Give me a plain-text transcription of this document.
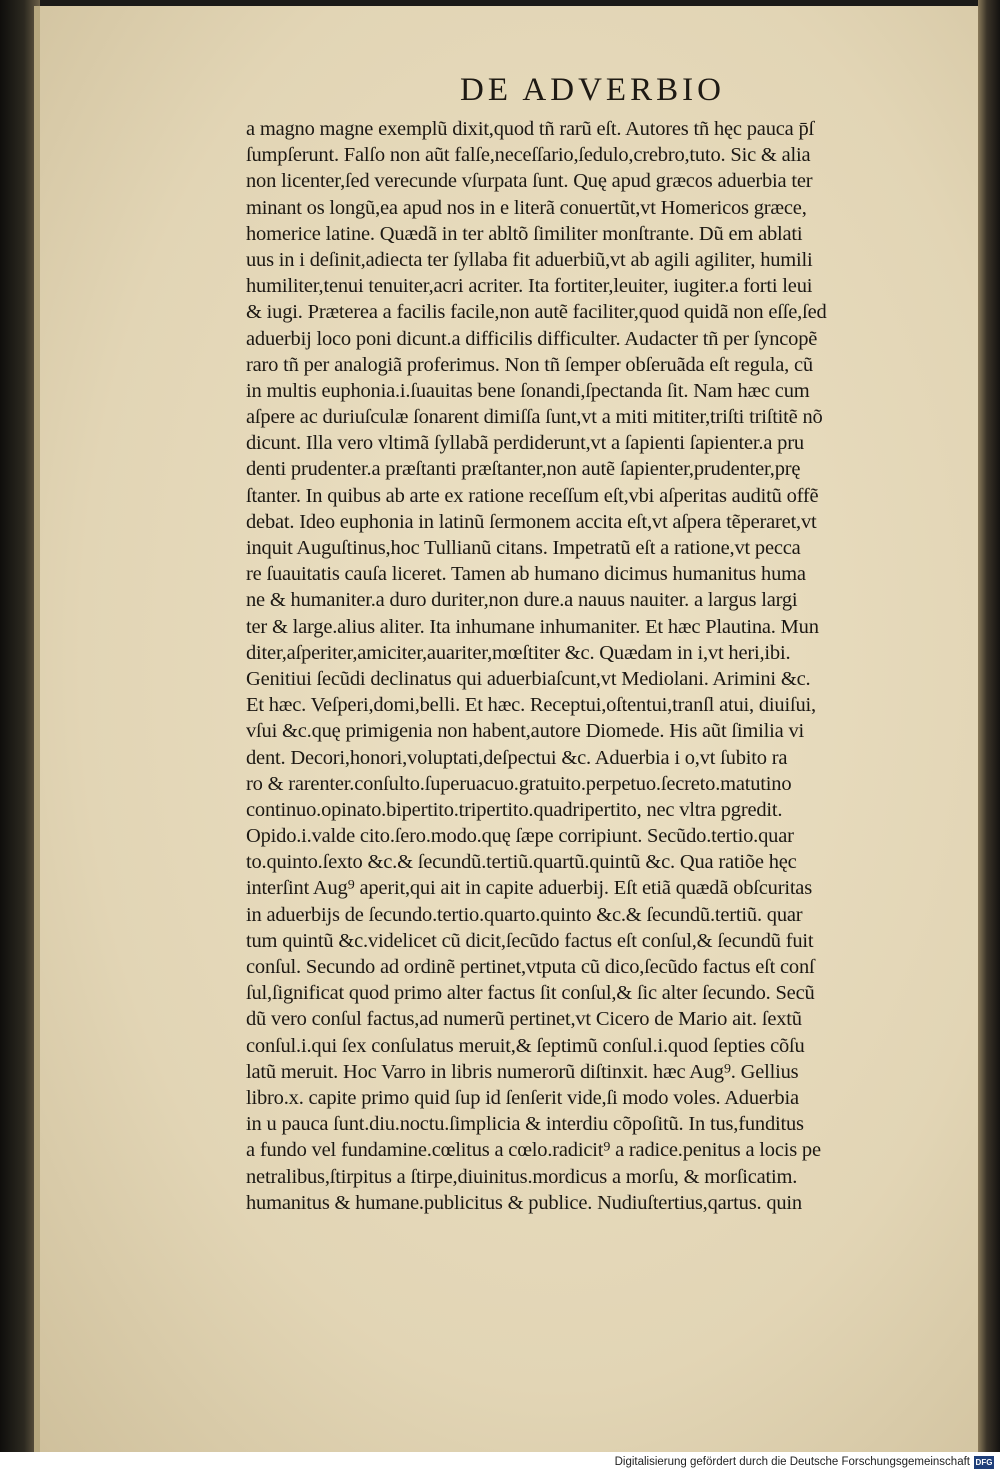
DE ADVERBIO
a magno magne exemplũ dixit,quod tñ rarũ eſt. Autores tñ hęc pauca p̄ſ
ſumpſerunt. Falſo non aũt falſe,neceſſario,ſedulo,crebro,tuto. Sic & alia
non licenter,ſed verecunde vſurpata ſunt. Quę apud græcos aduerbia ter
minant os longũ,ea apud nos in e literã conuertũt,vt Homericos græce,
homerice latine. Quædã in ter abltõ ſimiliter monſtrante. Dũ em ablati
uus in i deſinit,adiecta ter ſyllaba fit aduerbiũ,vt ab agili agiliter, humili
humiliter,tenui tenuiter,acri acriter. Ita fortiter,leuiter, iugiter.a forti leui
& iugi. Præterea a facilis facile,non autẽ faciliter,quod quidã non eſſe,ſed
aduerbij loco poni dicunt.a difficilis difficulter. Audacter tñ per ſyncopẽ
raro tñ per analogiã proferimus. Non tñ ſemper obſeruãda eſt regula, cũ
in multis euphonia.i.ſuauitas bene ſonandi,ſpectanda ſit. Nam hæc cum
aſpere ac duriuſculæ ſonarent dimiſſa ſunt,vt a miti mititer,triſti triſtitẽ nõ
dicunt. Illa vero vltimã ſyllabã perdiderunt,vt a ſapienti ſapienter.a pru
denti prudenter.a præſtanti præſtanter,non autẽ ſapienter,prudenter,prę
ſtanter. In quibus ab arte ex ratione receſſum eſt,vbi aſperitas auditũ offẽ
debat. Ideo euphonia in latinũ ſermonem accita eſt,vt aſpera tẽperaret,vt
inquit Auguſtinus,hoc Tullianũ citans. Impetratũ eſt a ratione,vt pecca
re ſuauitatis cauſa liceret. Tamen ab humano dicimus humanitus huma
ne & humaniter.a duro duriter,non dure.a nauus nauiter. a largus largi
ter & large.alius aliter. Ita inhumane inhumaniter. Et hæc Plautina. Mun
diter,aſperiter,amiciter,auariter,mœſtiter &c. Quædam in i,vt heri,ibi.
Genitiui ſecũdi declinatus qui aduerbiaſcunt,vt Mediolani. Arimini &c.
Et hæc. Veſperi,domi,belli. Et hæc. Receptui,oſtentui,tranſl atui, diuiſui,
vſui &c.quę primigenia non habent,autore Diomede. His aũt ſimilia vi
dent. Decori,honori,voluptati,deſpectui &c. Aduerbia i o,vt ſubito ra
ro & rarenter.conſulto.ſuperuacuo.gratuito.perpetuo.ſecreto.matutino
continuo.opinato.bipertito.tripertito.quadripertito, nec vltra pgredit.
Opido.i.valde cito.ſero.modo.quę ſæpe corripiunt. Secũdo.tertio.quar
to.quinto.ſexto &c.& ſecundũ.tertiũ.quartũ.quintũ &c. Qua ratiõe hęc
interſint Aug⁹ aperit,qui ait in capite aduerbij. Eſt etiã quædã obſcuritas
in aduerbijs de ſecundo.tertio.quarto.quinto &c.& ſecundũ.tertiũ. quar
tum quintũ &c.videlicet cũ dicit,ſecũdo factus eſt conſul,& ſecundũ fuit
conſul. Secundo ad ordinẽ pertinet,vtputa cũ dico,ſecũdo factus eſt conſ
ſul,ſignificat quod primo alter factus ſit conſul,& ſic alter ſecundo. Secũ
dũ vero conſul factus,ad numerũ pertinet,vt Cicero de Mario ait. ſextũ
conſul.i.qui ſex conſulatus meruit,& ſeptimũ conſul.i.quod ſepties cõſu
latũ meruit. Hoc Varro in libris numerorũ diſtinxit. hæc Aug⁹. Gellius
libro.x. capite primo quid ſup id ſenſerit vide,ſi modo voles. Aduerbia
in u pauca ſunt.diu.noctu.ſimplicia & interdiu cõpoſitũ. In tus,funditus
a fundo vel fundamine.cœlitus a cœlo.radicit⁹ a radice.penitus a locis pe
netralibus,ſtirpitus a ſtirpe,diuinitus.mordicus a morſu, & morſicatim.
humanitus & humane.publicitus & publice. Nudiuſtertius,qartus. quin
Digitalisierung gefördert durch die Deutsche Forschungsgemeinschaft DFG
